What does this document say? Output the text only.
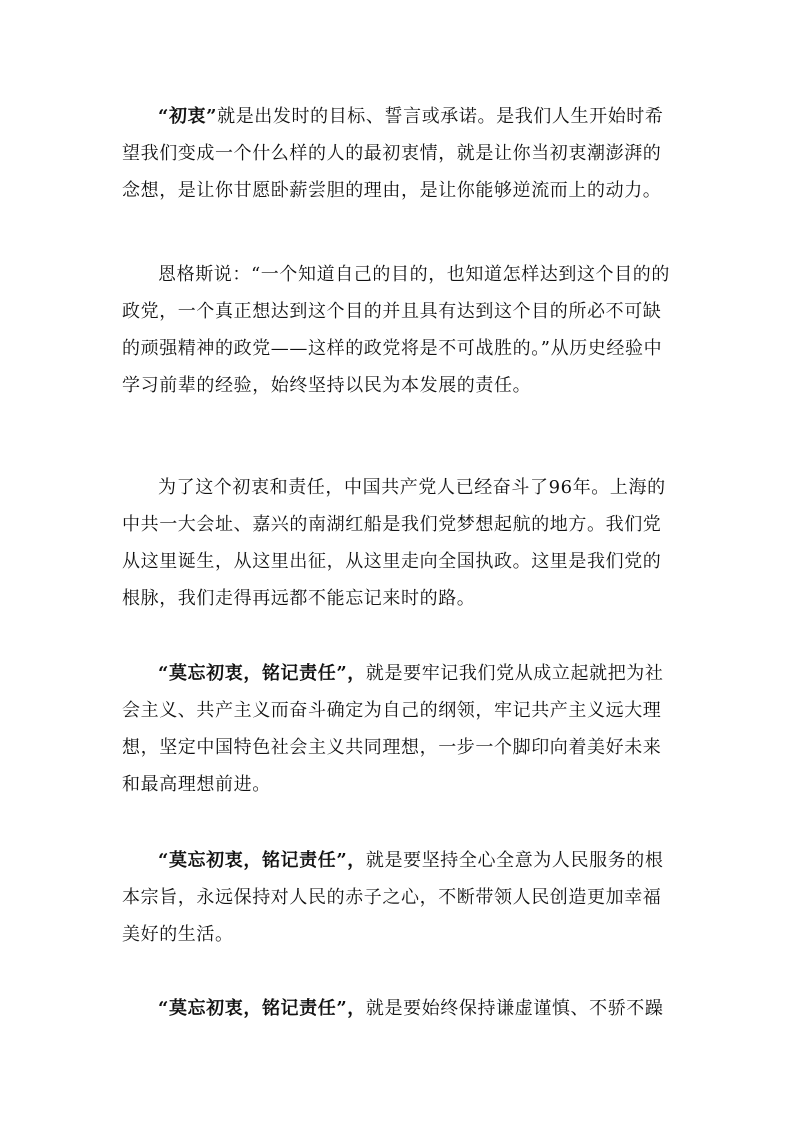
“初衷”就是出发时的目标、誓言或承诺。是我们人生开始时希望我们变成一个什么样的人的最初衷情，就是让你当初衷潮澎湃的念想，是让你甘愿卧薪尝胆的理由，是让你能够逆流而上的动力。

恩格斯说：“一个知道自己的目的，也知道怎样达到这个目的的政党，一个真正想达到这个目的并且具有达到这个目的所必不可缺的顽强精神的政党——这样的政党将是不可战胜的。”从历史经验中学习前辈的经验，始终坚持以民为本发展的责任。

为了这个初衷和责任，中国共产党人已经奋斗了96年。上海的中共一大会址、嘉兴的南湖红船是我们党梦想起航的地方。我们党从这里诞生，从这里出征，从这里走向全国执政。这里是我们党的根脉，我们走得再远都不能忘记来时的路。

“莫忘初衷，铭记责任”，就是要牢记我们党从成立起就把为社会主义、共产主义而奋斗确定为自己的纲领，牢记共产主义远大理想，坚定中国特色社会主义共同理想，一步一个脚印向着美好未来和最高理想前进。

“莫忘初衷，铭记责任”，就是要坚持全心全意为人民服务的根本宗旨，永远保持对人民的赤子之心，不断带领人民创造更加幸福美好的生活。

“莫忘初衷，铭记责任”，就是要始终保持谦虚谨慎、不骄不躁
